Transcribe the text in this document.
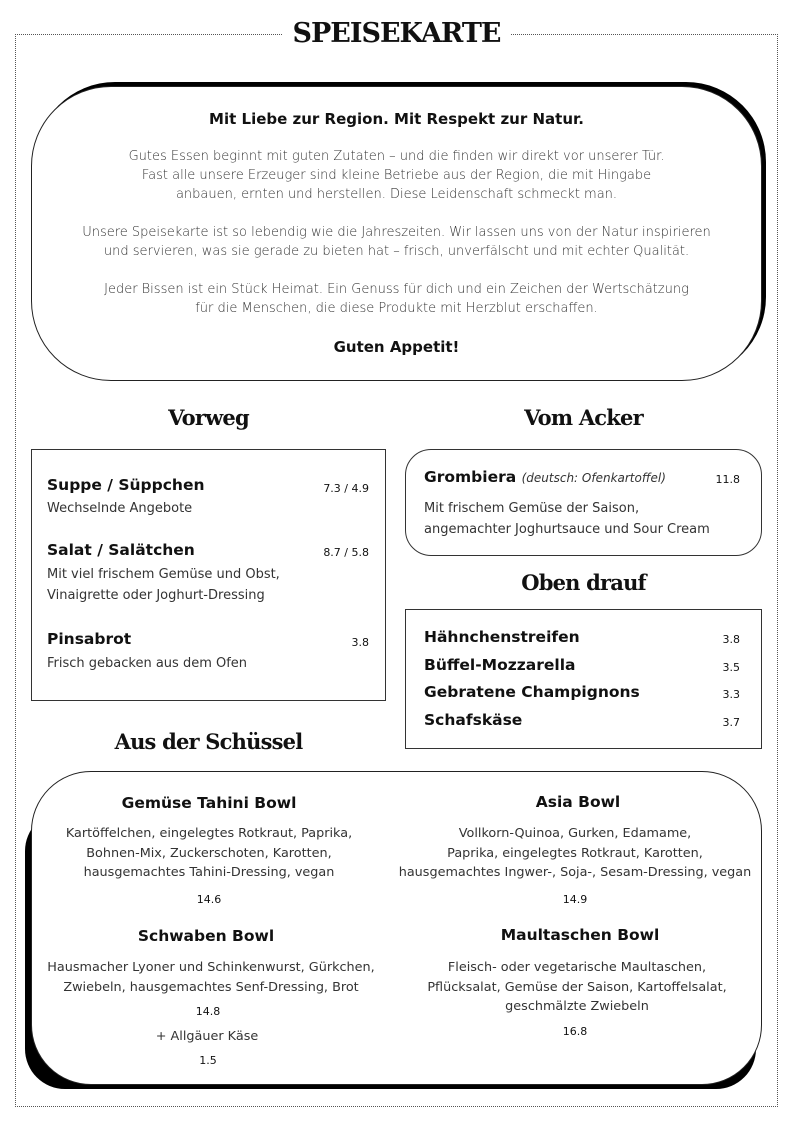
SPEISEKARTE
Mit Liebe zur Region. Mit Respekt zur Natur.
Gutes Essen beginnt mit guten Zutaten – und die finden wir direkt vor unserer Tür.
Fast alle unsere Erzeuger sind kleine Betriebe aus der Region, die mit Hingabe
anbauen, ernten und herstellen. Diese Leidenschaft schmeckt man.
Unsere Speisekarte ist so lebendig wie die Jahreszeiten. Wir lassen uns von der Natur inspirieren
und servieren, was sie gerade zu bieten hat – frisch, unverfälscht und mit echter Qualität.
Jeder Bissen ist ein Stück Heimat. Ein Genuss für dich und ein Zeichen der Wertschätzung
für die Menschen, die diese Produkte mit Herzblut erschaffen.
Guten Appetit!
Vorweg
Suppe / Süppchen	7.3 / 4.9
Wechselnde Angebote
Salat / Salätchen	8.7 / 5.8
Mit viel frischem Gemüse und Obst,
Vinaigrette oder Joghurt-Dressing
Pinsabrot	3.8
Frisch gebacken aus dem Ofen
Vom Acker
Grombiera (deutsch: Ofenkartoffel)	11.8
Mit frischem Gemüse der Saison,
angemachter Joghurtsauce und Sour Cream
Oben drauf
Hähnchenstreifen	3.8
Büffel-Mozzarella	3.5
Gebratene Champignons	3.3
Schafskäse	3.7
Aus der Schüssel
Gemüse Tahini Bowl
Kartöffelchen, eingelegtes Rotkraut, Paprika,
Bohnen-Mix, Zuckerschoten, Karotten,
hausgemachtes Tahini-Dressing, vegan
14.6
Asia Bowl
Vollkorn-Quinoa, Gurken, Edamame,
Paprika, eingelegtes Rotkraut, Karotten,
hausgemachtes Ingwer-, Soja-, Sesam-Dressing, vegan
14.9
Schwaben Bowl
Hausmacher Lyoner und Schinkenwurst, Gürkchen,
Zwiebeln, hausgemachtes Senf-Dressing, Brot
14.8
+ Allgäuer Käse
1.5
Maultaschen Bowl
Fleisch- oder vegetarische Maultaschen,
Pflücksalat, Gemüse der Saison, Kartoffelsalat,
geschmälzte Zwiebeln
16.8
